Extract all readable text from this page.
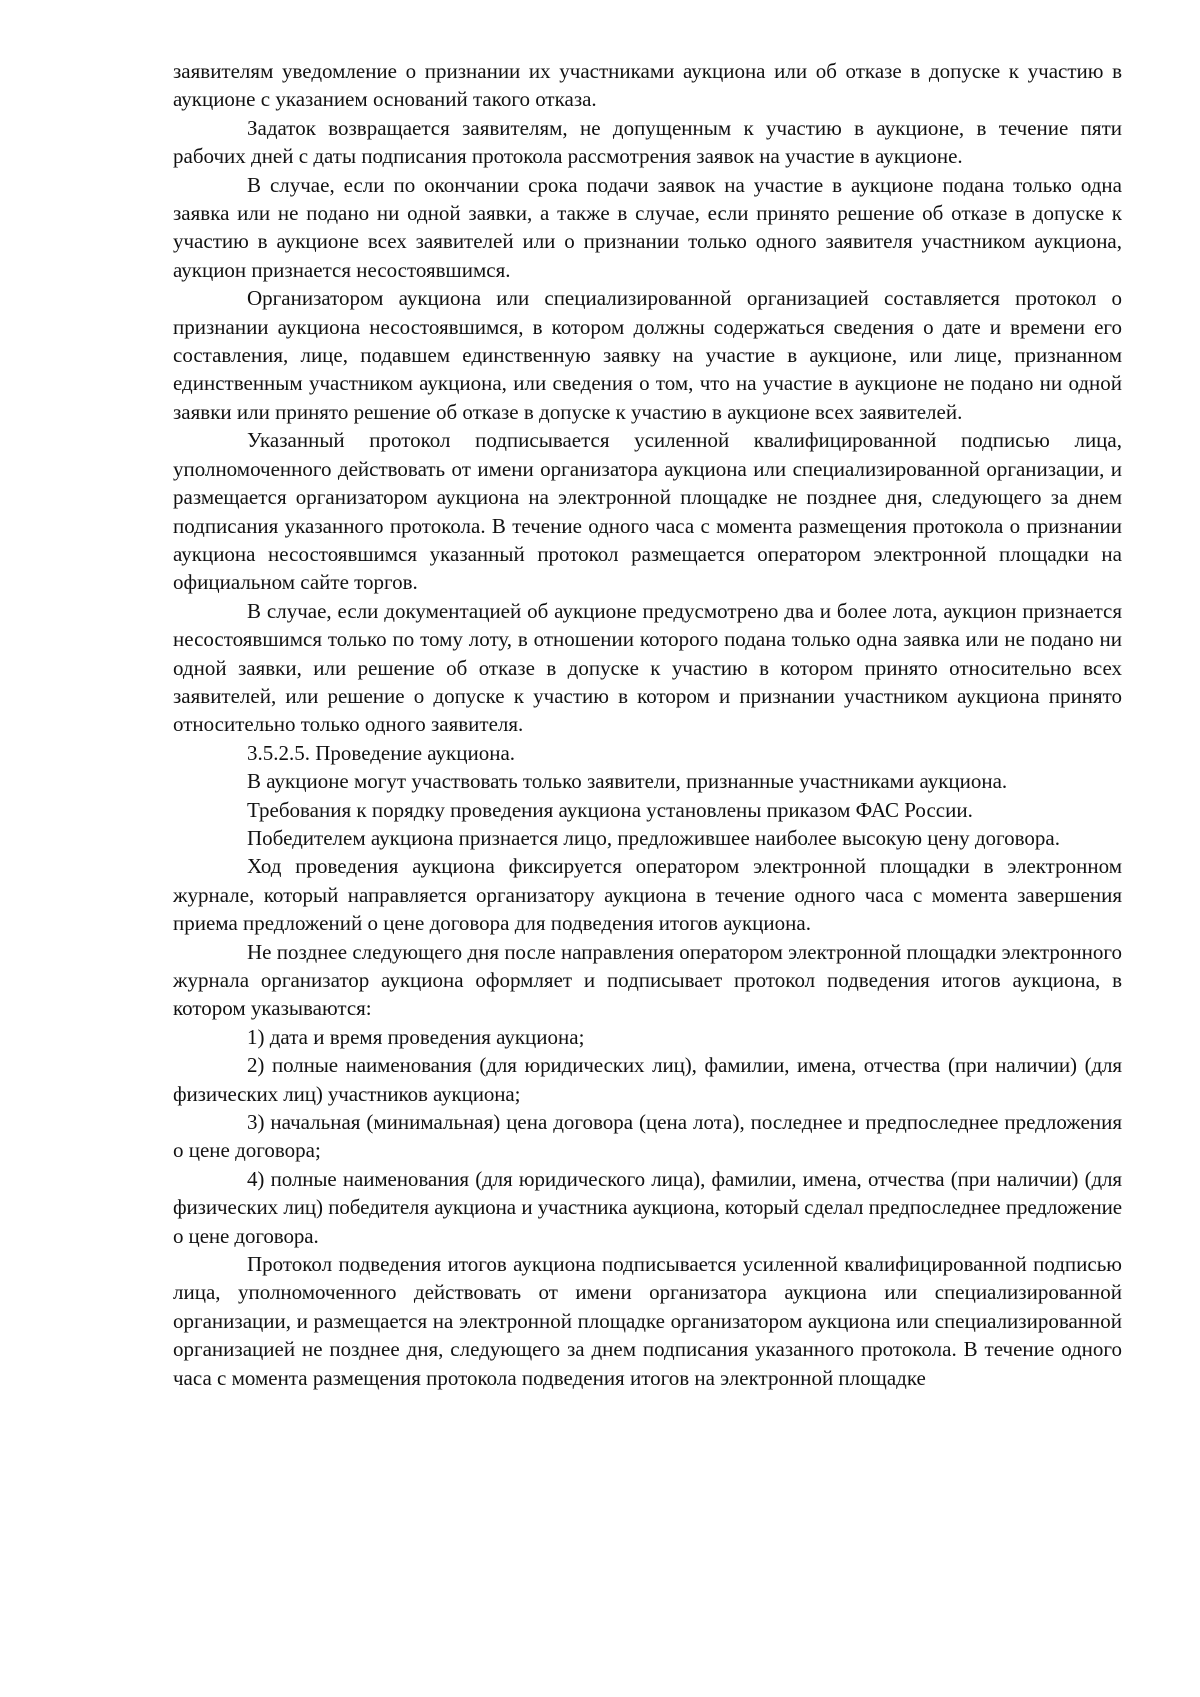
заявителям уведомление о признании их участниками аукциона или об отказе в допуске к участию в аукционе с указанием оснований такого отказа.

Задаток возвращается заявителям, не допущенным к участию в аукционе, в течение пяти рабочих дней с даты подписания протокола рассмотрения заявок на участие в аукционе.

В случае, если по окончании срока подачи заявок на участие в аукционе подана только одна заявка или не подано ни одной заявки, а также в случае, если принято решение об отказе в допуске к участию в аукционе всех заявителей или о признании только одного заявителя участником аукциона, аукцион признается несостоявшимся.

Организатором аукциона или специализированной организацией составляется протокол о признании аукциона несостоявшимся, в котором должны содержаться сведения о дате и времени его составления, лице, подавшем единственную заявку на участие в аукционе, или лице, признанном единственным участником аукциона, или сведения о том, что на участие в аукционе не подано ни одной заявки или принято решение об отказе в допуске к участию в аукционе всех заявителей.

Указанный протокол подписывается усиленной квалифицированной подписью лица, уполномоченного действовать от имени организатора аукциона или специализированной организации, и размещается организатором аукциона на электронной площадке не позднее дня, следующего за днем подписания указанного протокола. В течение одного часа с момента размещения протокола о признании аукциона несостоявшимся указанный протокол размещается оператором электронной площадки на официальном сайте торгов.

В случае, если документацией об аукционе предусмотрено два и более лота, аукцион признается несостоявшимся только по тому лоту, в отношении которого подана только одна заявка или не подано ни одной заявки, или решение об отказе в допуске к участию в котором принято относительно всех заявителей, или решение о допуске к участию в котором и признании участником аукциона принято относительно только одного заявителя.

3.5.2.5. Проведение аукциона.

В аукционе могут участвовать только заявители, признанные участниками аукциона.

Требования к порядку проведения аукциона установлены приказом ФАС России.

Победителем аукциона признается лицо, предложившее наиболее высокую цену договора.

Ход проведения аукциона фиксируется оператором электронной площадки в электронном журнале, который направляется организатору аукциона в течение одного часа с момента завершения приема предложений о цене договора для подведения итогов аукциона.

Не позднее следующего дня после направления оператором электронной площадки электронного журнала организатор аукциона оформляет и подписывает протокол подведения итогов аукциона, в котором указываются:

1) дата и время проведения аукциона;

2) полные наименования (для юридических лиц), фамилии, имена, отчества (при наличии) (для физических лиц) участников аукциона;

3) начальная (минимальная) цена договора (цена лота), последнее и предпоследнее предложения о цене договора;

4) полные наименования (для юридического лица), фамилии, имена, отчества (при наличии) (для физических лиц) победителя аукциона и участника аукциона, который сделал предпоследнее предложение о цене договора.

Протокол подведения итогов аукциона подписывается усиленной квалифицированной подписью лица, уполномоченного действовать от имени организатора аукциона или специализированной организации, и размещается на электронной площадке организатором аукциона или специализированной организацией не позднее дня, следующего за днем подписания указанного протокола. В течение одного часа с момента размещения протокола подведения итогов на электронной площадке
